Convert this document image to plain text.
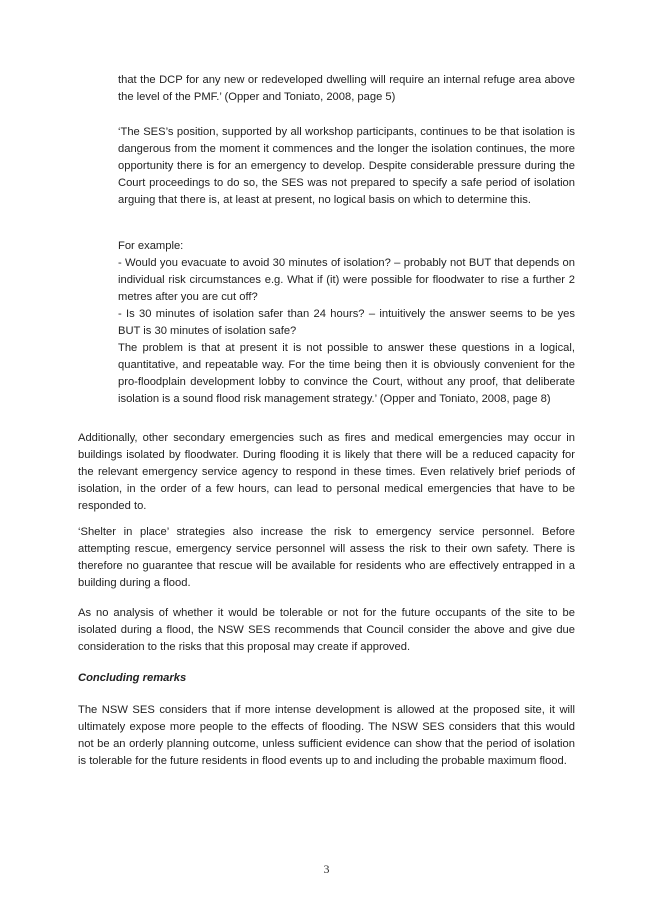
that the DCP for any new or redeveloped dwelling will require an internal refuge area above the level of the PMF.’ (Opper and Toniato, 2008, page 5)

‘The SES’s position, supported by all workshop participants, continues to be that isolation is dangerous from the moment it commences and the longer the isolation continues, the more opportunity there is for an emergency to develop. Despite considerable pressure during the Court proceedings to do so, the SES was not prepared to specify a safe period of isolation arguing that there is, at least at present, no logical basis on which to determine this.

For example:

- Would you evacuate to avoid 30 minutes of isolation? – probably not BUT that depends on individual risk circumstances e.g. What if (it) were possible for floodwater to rise a further 2 metres after you are cut off?

- Is 30 minutes of isolation safer than 24 hours? – intuitively the answer seems to be yes BUT is 30 minutes of isolation safe?

The problem is that at present it is not possible to answer these questions in a logical, quantitative, and repeatable way. For the time being then it is obviously convenient for the pro-floodplain development lobby to convince the Court, without any proof, that deliberate isolation is a sound flood risk management strategy.’ (Opper and Toniato, 2008, page 8)

Additionally, other secondary emergencies such as fires and medical emergencies may occur in buildings isolated by floodwater. During flooding it is likely that there will be a reduced capacity for the relevant emergency service agency to respond in these times. Even relatively brief periods of isolation, in the order of a few hours, can lead to personal medical emergencies that have to be responded to.

‘Shelter in place’ strategies also increase the risk to emergency service personnel. Before attempting rescue, emergency service personnel will assess the risk to their own safety. There is therefore no guarantee that rescue will be available for residents who are effectively entrapped in a building during a flood.

As no analysis of whether it would be tolerable or not for the future occupants of the site to be isolated during a flood, the NSW SES recommends that Council consider the above and give due consideration to the risks that this proposal may create if approved.

Concluding remarks

The NSW SES considers that if more intense development is allowed at the proposed site, it will ultimately expose more people to the effects of flooding. The NSW SES considers that this would not be an orderly planning outcome, unless sufficient evidence can show that the period of isolation is tolerable for the future residents in flood events up to and including the probable maximum flood.

3
